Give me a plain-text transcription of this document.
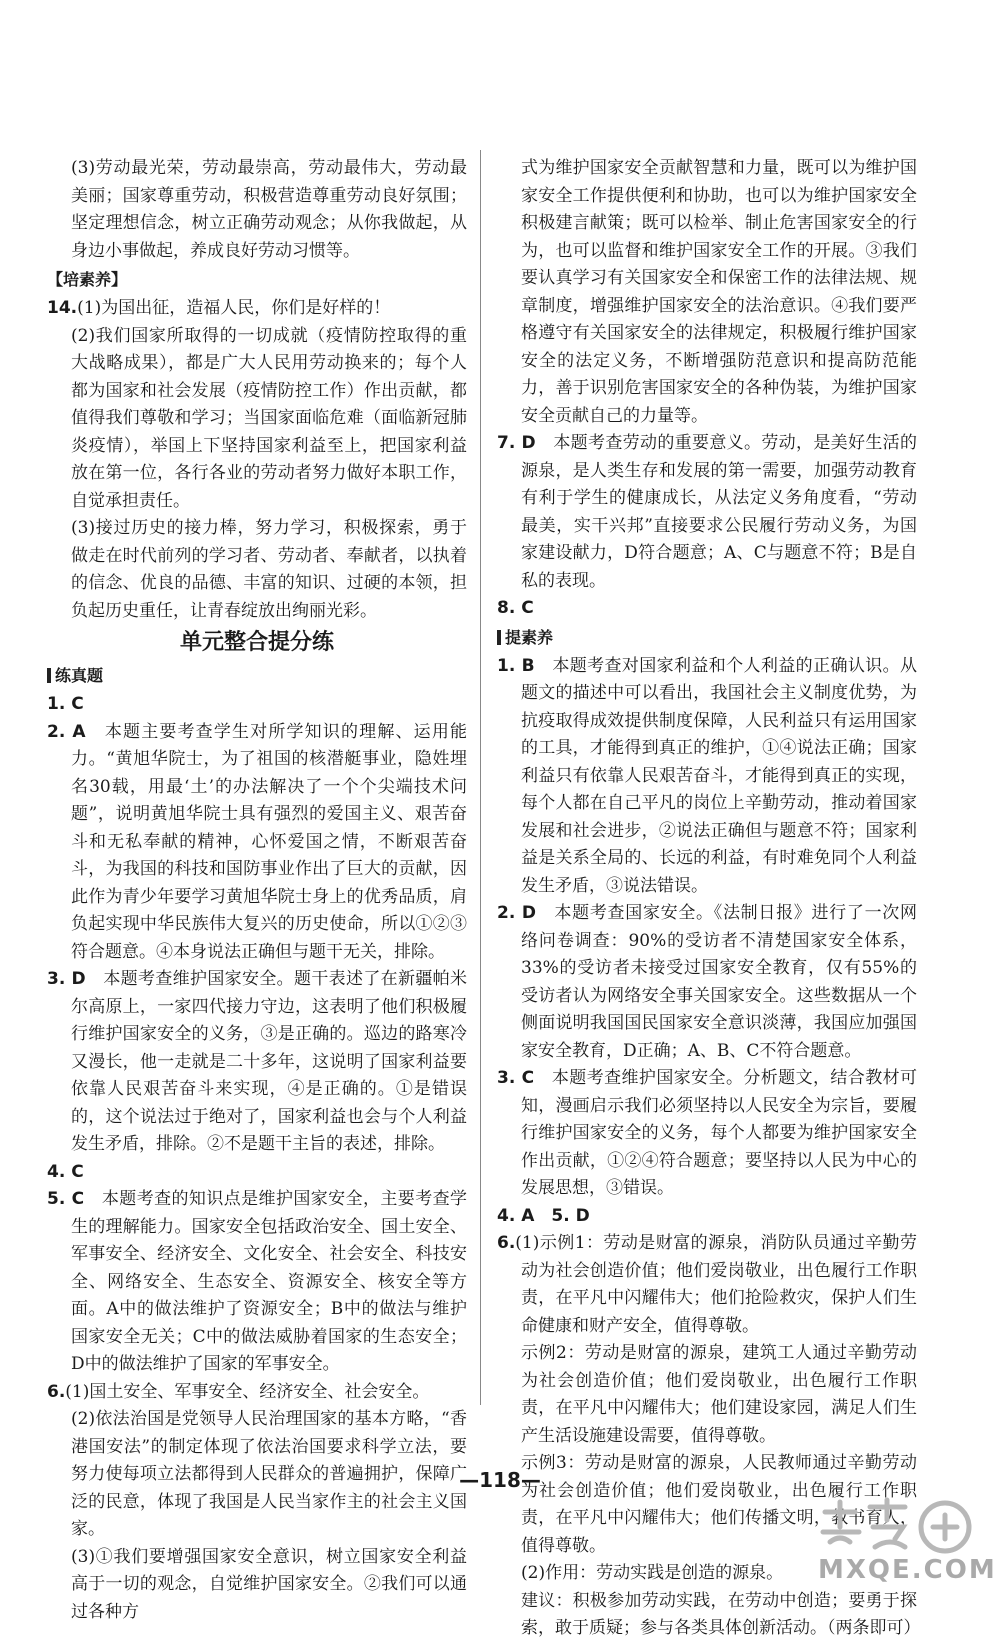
(3)劳动最光荣，劳动最崇高，劳动最伟大，劳动最美丽；国家尊重劳动，积极营造尊重劳动良好氛围；坚定理想信念，树立正确劳动观念；从你我做起，从身边小事做起，养成良好劳动习惯等。

【培素养】

14.(1)为国出征，造福人民，你们是好样的！

(2)我们国家所取得的一切成就（疫情防控取得的重大战略成果），都是广大人民用劳动换来的；每个人都为国家和社会发展（疫情防控工作）作出贡献，都值得我们尊敬和学习；当国家面临危难（面临新冠肺炎疫情），举国上下坚持国家利益至上，把国家利益放在第一位，各行各业的劳动者努力做好本职工作，自觉承担责任。

(3)接过历史的接力棒，努力学习，积极探索，勇于做走在时代前列的学习者、劳动者、奉献者，以执着的信念、优良的品德、丰富的知识、过硬的本领，担负起历史重任，让青春绽放出绚丽光彩。

单元整合提分练

练真题

1. C

2. A　本题主要考查学生对所学知识的理解、运用能力。“黄旭华院士，为了祖国的核潜艇事业，隐姓埋名30载，用最‘土’的办法解决了一个个尖端技术问题”，说明黄旭华院士具有强烈的爱国主义、艰苦奋斗和无私奉献的精神，心怀爱国之情，不断艰苦奋斗，为我国的科技和国防事业作出了巨大的贡献，因此作为青少年要学习黄旭华院士身上的优秀品质，肩负起实现中华民族伟大复兴的历史使命，所以①②③符合题意。④本身说法正确但与题干无关，排除。

3. D　本题考查维护国家安全。题干表述了在新疆帕米尔高原上，一家四代接力守边，这表明了他们积极履行维护国家安全的义务，③是正确的。巡边的路寒冷又漫长，他一走就是二十多年，这说明了国家利益要依靠人民艰苦奋斗来实现，④是正确的。①是错误的，这个说法过于绝对了，国家利益也会与个人利益发生矛盾，排除。②不是题干主旨的表述，排除。

4. C

5. C　本题考查的知识点是维护国家安全，主要考查学生的理解能力。国家安全包括政治安全、国土安全、军事安全、经济安全、文化安全、社会安全、科技安全、网络安全、生态安全、资源安全、核安全等方面。A中的做法维护了资源安全；B中的做法与维护国家安全无关；C中的做法威胁着国家的生态安全；D中的做法维护了国家的军事安全。

6.(1)国土安全、军事安全、经济安全、社会安全。

(2)依法治国是党领导人民治理国家的基本方略，“香港国安法”的制定体现了依法治国要求科学立法，要努力使每项立法都得到人民群众的普遍拥护，保障广泛的民意，体现了我国是人民当家作主的社会主义国家。

(3)①我们要增强国家安全意识，树立国家安全利益高于一切的观念，自觉维护国家安全。②我们可以通过各种方

式为维护国家安全贡献智慧和力量，既可以为维护国家安全工作提供便利和协助，也可以为维护国家安全积极建言献策；既可以检举、制止危害国家安全的行为，也可以监督和维护国家安全工作的开展。③我们要认真学习有关国家安全和保密工作的法律法规、规章制度，增强维护国家安全的法治意识。④我们要严格遵守有关国家安全的法律规定，积极履行维护国家安全的法定义务，不断增强防范意识和提高防范能力，善于识别危害国家安全的各种伪装，为维护国家安全贡献自己的力量等。

7. D　本题考查劳动的重要意义。劳动，是美好生活的源泉，是人类生存和发展的第一需要，加强劳动教育有利于学生的健康成长，从法定义务角度看，“劳动最美，实干兴邦”直接要求公民履行劳动义务，为国家建设献力，D符合题意；A、C与题意不符；B是自私的表现。

8. C

提素养

1. B　本题考查对国家利益和个人利益的正确认识。从题文的描述中可以看出，我国社会主义制度优势，为抗疫取得成效提供制度保障，人民利益只有运用国家的工具，才能得到真正的维护，①④说法正确；国家利益只有依靠人民艰苦奋斗，才能得到真正的实现，每个人都在自己平凡的岗位上辛勤劳动，推动着国家发展和社会进步，②说法正确但与题意不符；国家利益是关系全局的、长远的利益，有时难免同个人利益发生矛盾，③说法错误。

2. D　本题考查国家安全。《法制日报》进行了一次网络问卷调查：90%的受访者不清楚国家安全体系，33%的受访者未接受过国家安全教育，仅有55%的受访者认为网络安全事关国家安全。这些数据从一个侧面说明我国国民国家安全意识淡薄，我国应加强国家安全教育，D正确；A、B、C不符合题意。

3. C　本题考查维护国家安全。分析题文，结合教材可知，漫画启示我们必须坚持以人民安全为宗旨，要履行维护国家安全的义务，每个人都要为维护国家安全作出贡献，①②④符合题意；要坚持以人民为中心的发展思想，③错误。

4. A　5. D

6.(1)示例1：劳动是财富的源泉，消防队员通过辛勤劳动为社会创造价值；他们爱岗敬业，出色履行工作职责，在平凡中闪耀伟大；他们抢险救灾，保护人们生命健康和财产安全，值得尊敬。

示例2：劳动是财富的源泉，建筑工人通过辛勤劳动为社会创造价值；他们爱岗敬业，出色履行工作职责，在平凡中闪耀伟大；他们建设家园，满足人们生产生活设施建设需要，值得尊敬。

示例3：劳动是财富的源泉，人民教师通过辛勤劳动为社会创造价值；他们爱岗敬业，出色履行工作职责，在平凡中闪耀伟大；他们传播文明，教书育人，值得尊敬。

(2)作用：劳动实践是创造的源泉。

建议：积极参加劳动实践，在劳动中创造；要勇于探索，敢于质疑；参与各类具体创新活动。（两条即可）

—118—
MXQE.COM
